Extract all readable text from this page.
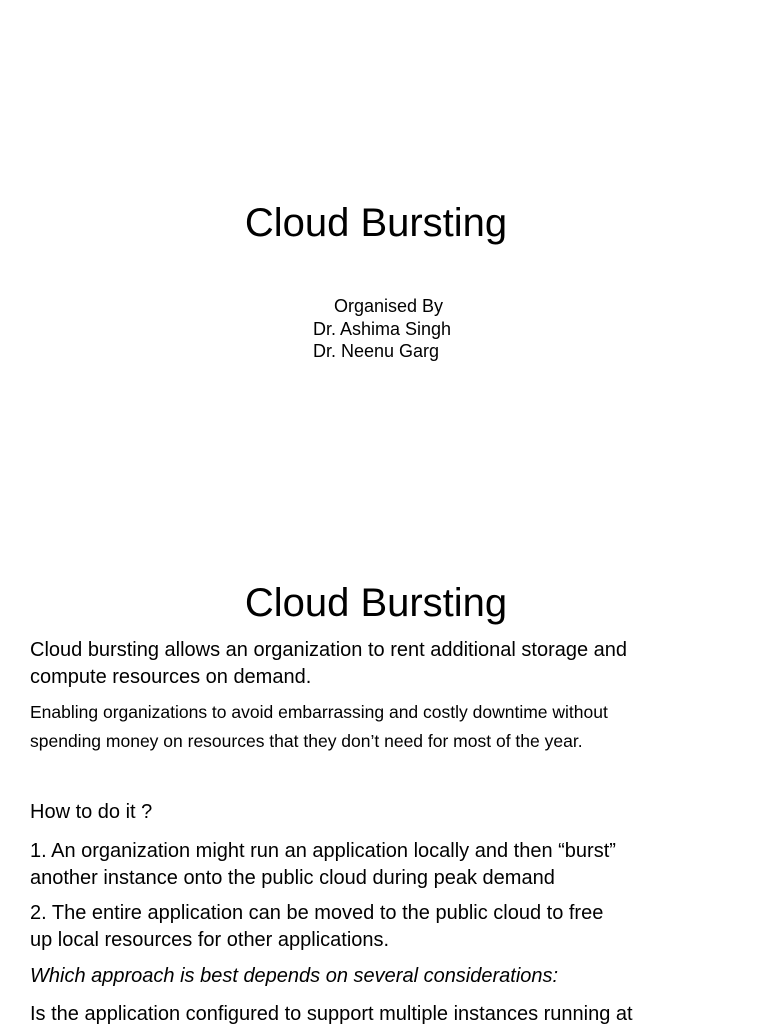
Cloud Bursting
Organised By
Dr. Ashima Singh
Dr. Neenu Garg
Cloud Bursting

Cloud bursting allows an organization to rent additional storage and

compute resources on demand.

Enabling organizations to avoid embarrassing and costly downtime without

spending money on resources that they don’t need for most of the year.

How to do it ?

1. An organization might run an application locally and then “burst”

another instance onto the public cloud during peak demand

2. The entire application can be moved to the public cloud to free

up local resources for other applications.

Which approach is best depends on several considerations:

Is the application configured to support multiple instances running at
